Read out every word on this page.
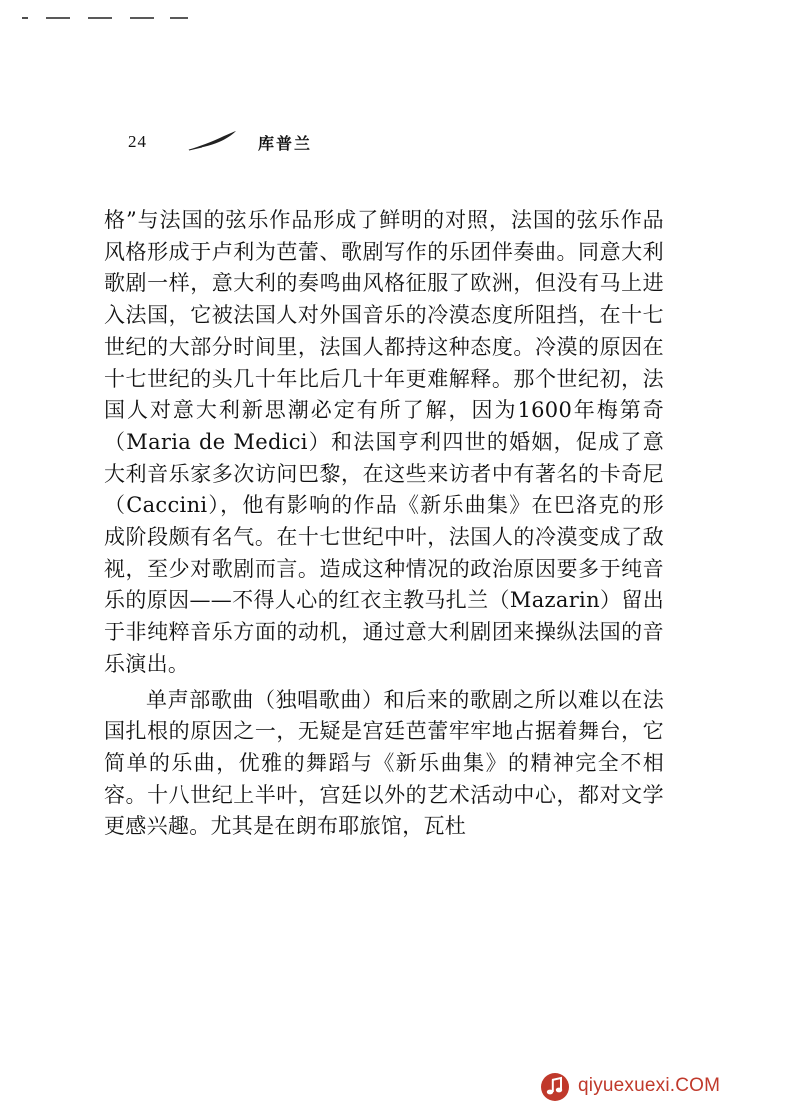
24	库普兰

格”与法国的弦乐作品形成了鲜明的对照，法国的弦乐作品风格形成于卢利为芭蕾、歌剧写作的乐团伴奏曲。同意大利歌剧一样，意大利的奏鸣曲风格征服了欧洲，但没有马上进入法国，它被法国人对外国音乐的冷漠态度所阻挡，在十七世纪的大部分时间里，法国人都持这种态度。冷漠的原因在十七世纪的头几十年比后几十年更难解释。那个世纪初，法国人对意大利新思潮必定有所了解，因为1600年梅第奇（Maria de Medici）和法国亨利四世的婚姻，促成了意大利音乐家多次访问巴黎，在这些来访者中有著名的卡奇尼（Caccini），他有影响的作品《新乐曲集》在巴洛克的形成阶段颇有名气。在十七世纪中叶，法国人的冷漠变成了敌视，至少对歌剧而言。造成这种情况的政治原因要多于纯音乐的原因——不得人心的红衣主教马扎兰（Mazarin）留出于非纯粹音乐方面的动机，通过意大利剧团来操纵法国的音乐演出。

单声部歌曲（独唱歌曲）和后来的歌剧之所以难以在法国扎根的原因之一，无疑是宫廷芭蕾牢牢地占据着舞台，它简单的乐曲，优雅的舞蹈与《新乐曲集》的精神完全不相容。十八世纪上半叶，宫廷以外的艺术活动中心，都对文学更感兴趣。尤其是在朗布耶旅馆，瓦杜

qiyuexuexi.COM
